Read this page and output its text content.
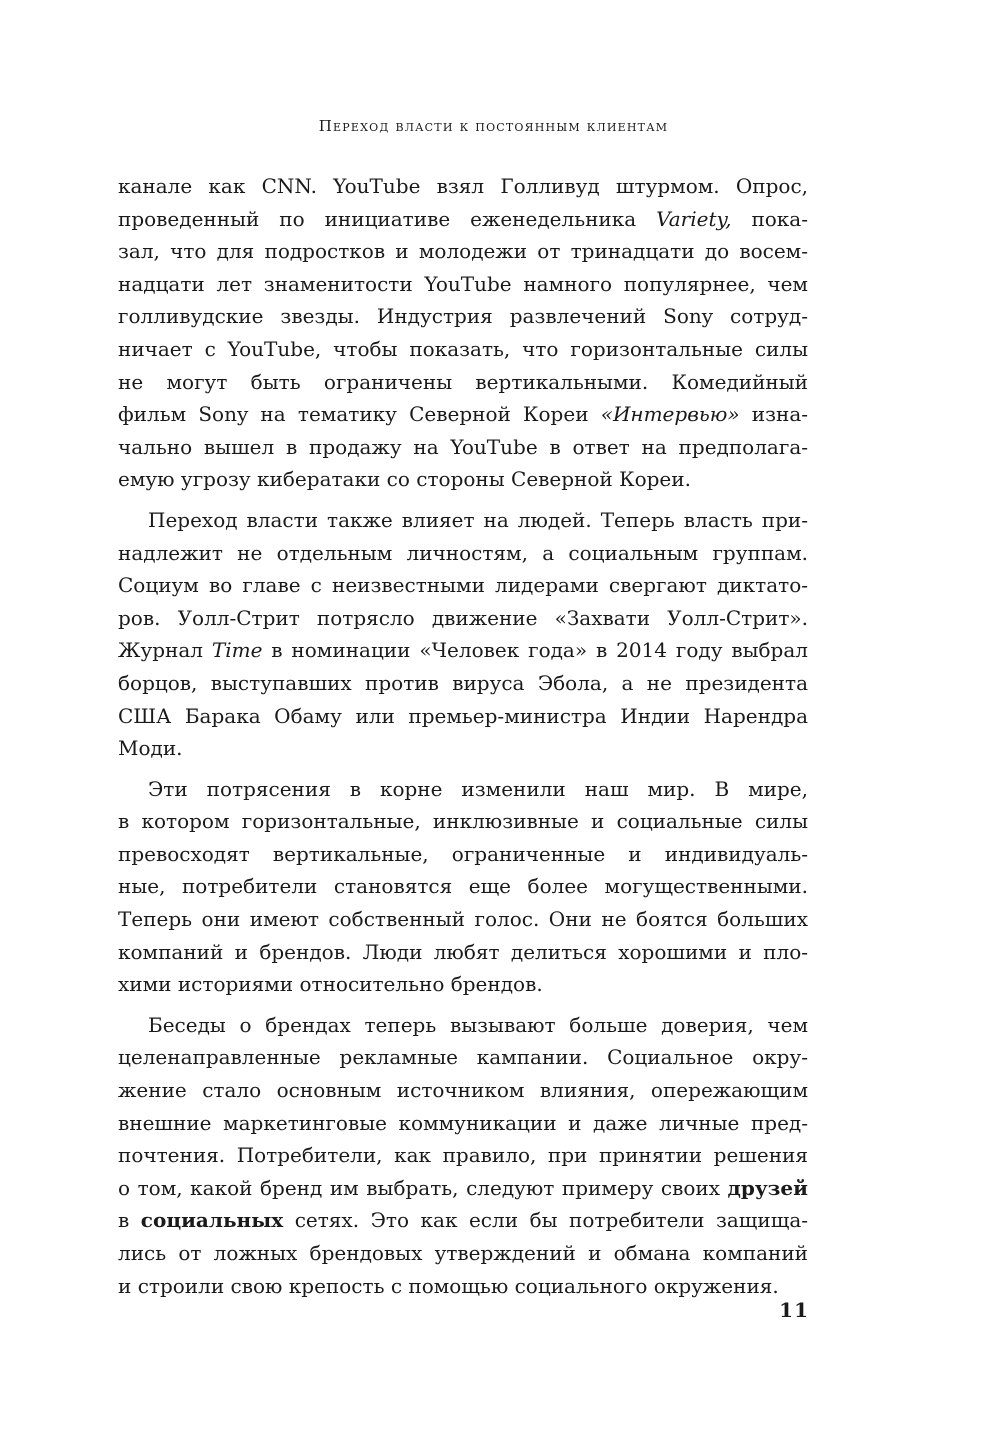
Переход власти к постоянным клиентам
канале как CNN. YouTube взял Голливуд штурмом. Опрос,
проведенный по инициативе еженедельника Variety, пока-
зал, что для подростков и молодежи от тринадцати до восем-
надцати лет знаменитости YouTube намного популярнее, чем
голливудские звезды. Индустрия развлечений Sony сотруд-
ничает с YouTube, чтобы показать, что горизонтальные силы
не могут быть ограничены вертикальными. Комедийный
фильм Sony на тематику Северной Кореи «Интервью» изна-
чально вышел в продажу на YouTube в ответ на предполага-
емую угрозу кибератаки со стороны Северной Кореи.
Переход власти также влияет на людей. Теперь власть при-
надлежит не отдельным личностям, а социальным группам.
Социум во главе с неизвестными лидерами свергают диктато-
ров. Уолл-Стрит потрясло движение «Захвати Уолл-Стрит».
Журнал Time в номинации «Человек года» в 2014 году выбрал
борцов, выступавших против вируса Эбола, а не президента
США Барака Обаму или премьер-министра Индии Нарендра
Моди.
Эти потрясения в корне изменили наш мир. В мире,
в котором горизонтальные, инклюзивные и социальные силы
превосходят вертикальные, ограниченные и индивидуаль-
ные, потребители становятся еще более могущественными.
Теперь они имеют собственный голос. Они не боятся больших
компаний и брендов. Люди любят делиться хорошими и пло-
хими историями относительно брендов.
Беседы о брендах теперь вызывают больше доверия, чем
целенаправленные рекламные кампании. Социальное окру-
жение стало основным источником влияния, опережающим
внешние маркетинговые коммуникации и даже личные пред-
почтения. Потребители, как правило, при принятии решения
о том, какой бренд им выбрать, следуют примеру своих друзей
в социальных сетях. Это как если бы потребители защища-
лись от ложных брендовых утверждений и обмана компаний
и строили свою крепость с помощью социального окружения.
11
